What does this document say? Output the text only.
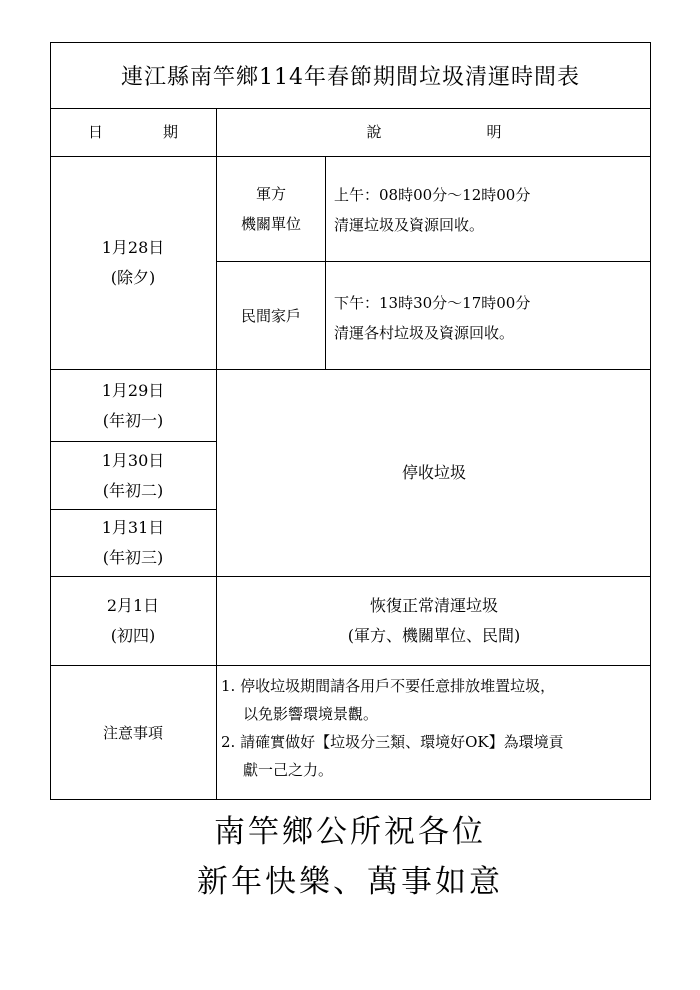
連江縣南竿鄉114年春節期間垃圾清運時間表
日　　　　期	說　　　　　　　明
1月28日
(除夕)
軍方
機關單位
上午：08時00分～12時00分
清運垃圾及資源回收。
民間家戶
下午：13時30分～17時00分
清運各村垃圾及資源回收。
1月29日
(年初一)
1月30日
(年初二)
1月31日
(年初三)
停收垃圾
2月1日
(初四)
恢復正常清運垃圾
(軍方、機關單位、民間)
注意事項
1. 停收垃圾期間請各用戶不要任意排放堆置垃圾，
以免影響環境景觀。
2. 請確實做好【垃圾分三類、環境好OK】為環境貢
獻一己之力。
南竿鄉公所祝各位
新年快樂、萬事如意
